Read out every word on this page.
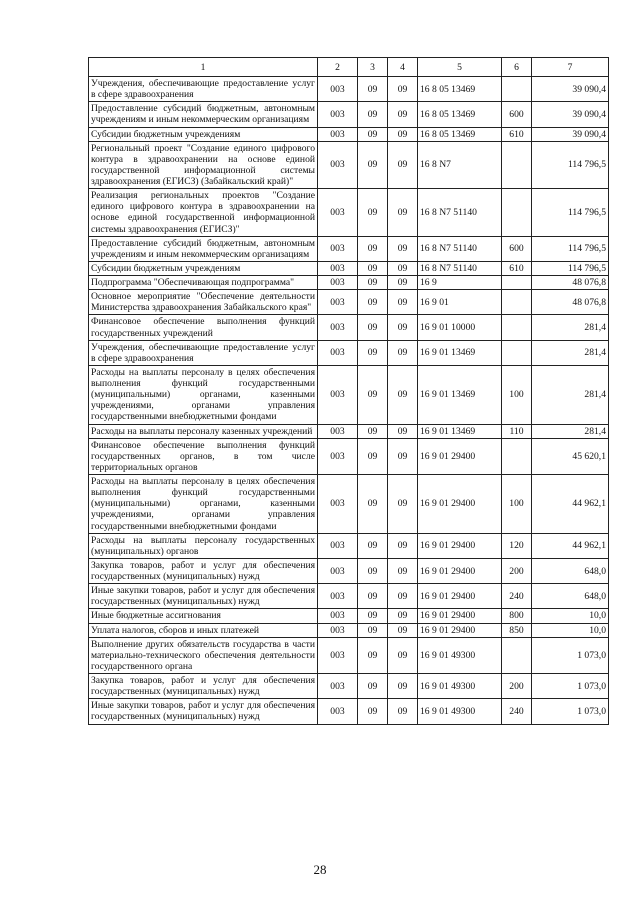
1	2	3	4	5	6	7
Учреждения, обеспечивающие предоставление услуг в сфере здравоохранения	003	09	09	16 8 05 13469		39 090,4
Предоставление субсидий бюджетным, автономным учреждениям и иным некоммерческим организациям	003	09	09	16 8 05 13469	600	39 090,4
Субсидии бюджетным учреждениям	003	09	09	16 8 05 13469	610	39 090,4
Региональный проект "Создание единого цифрового контура в здравоохранении на основе единой государственной информационной системы здравоохранения (ЕГИСЗ) (Забайкальский край)"	003	09	09	16 8 N7		114 796,5
Реализация региональных проектов "Создание единого цифрового контура в здравоохранении на основе единой государственной информационной системы здравоохранения (ЕГИСЗ)"	003	09	09	16 8 N7 51140		114 796,5
Предоставление субсидий бюджетным, автономным учреждениям и иным некоммерческим организациям	003	09	09	16 8 N7 51140	600	114 796,5
Субсидии бюджетным учреждениям	003	09	09	16 8 N7 51140	610	114 796,5
Подпрограмма "Обеспечивающая подпрограмма"	003	09	09	16 9		48 076,8
Основное мероприятие "Обеспечение деятельности Министерства здравоохранения Забайкальского края"	003	09	09	16 9 01		48 076,8
Финансовое обеспечение выполнения функций государственных учреждений	003	09	09	16 9 01 10000		281,4
Учреждения, обеспечивающие предоставление услуг в сфере здравоохранения	003	09	09	16 9 01 13469		281,4
Расходы на выплаты персоналу в целях обеспечения выполнения функций государственными (муниципальными) органами, казенными учреждениями, органами управления государственными внебюджетными фондами	003	09	09	16 9 01 13469	100	281,4
Расходы на выплаты персоналу казенных учреждений	003	09	09	16 9 01 13469	110	281,4
Финансовое обеспечение выполнения функций государственных органов, в том числе территориальных органов	003	09	09	16 9 01 29400		45 620,1
Расходы на выплаты персоналу в целях обеспечения выполнения функций государственными (муниципальными) органами, казенными учреждениями, органами управления государственными внебюджетными фондами	003	09	09	16 9 01 29400	100	44 962,1
Расходы на выплаты персоналу государственных (муниципальных) органов	003	09	09	16 9 01 29400	120	44 962,1
Закупка товаров, работ и услуг для обеспечения государственных (муниципальных) нужд	003	09	09	16 9 01 29400	200	648,0
Иные закупки товаров, работ и услуг для обеспечения государственных (муниципальных) нужд	003	09	09	16 9 01 29400	240	648,0
Иные бюджетные ассигнования	003	09	09	16 9 01 29400	800	10,0
Уплата налогов, сборов и иных платежей	003	09	09	16 9 01 29400	850	10,0
Выполнение других обязательств государства в части материально-технического обеспечения деятельности государственного органа	003	09	09	16 9 01 49300		1 073,0
Закупка товаров, работ и услуг для обеспечения государственных (муниципальных) нужд	003	09	09	16 9 01 49300	200	1 073,0
Иные закупки товаров, работ и услуг для обеспечения государственных (муниципальных) нужд	003	09	09	16 9 01 49300	240	1 073,0
28
